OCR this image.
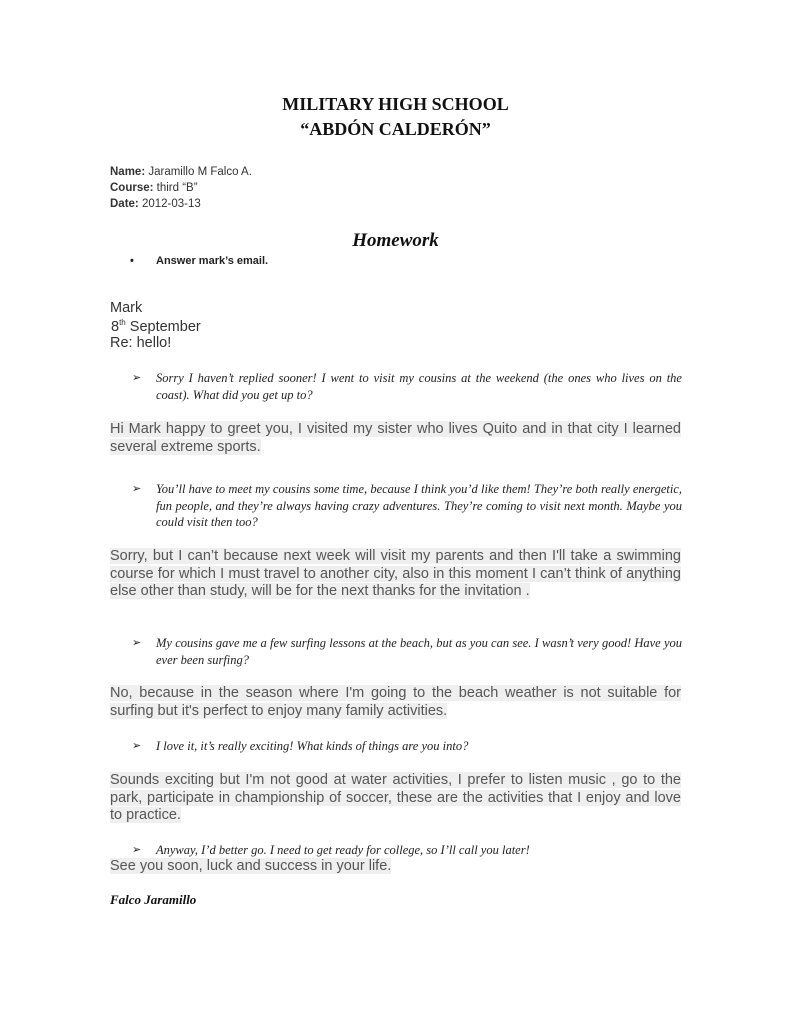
MILITARY HIGH SCHOOL
“ABDÓN CALDERÓN”
Name: Jaramillo M Falco A.
Course: third “B”
Date: 2012-03-13
Homework
• Answer mark’s email.
Mark
8th September
Re: hello!
➢	Sorry I haven’t replied sooner! I went to visit my cousins at the weekend (the ones who lives on the coast). What did you get up to?
Hi Mark happy to greet you, I visited my sister who lives Quito and in that city I learned several extreme sports.
➢	You’ll have to meet my cousins some time, because I think you’d like them! They’re both really energetic, fun people, and they’re always having crazy adventures. They’re coming to visit next month. Maybe you could visit then too?
Sorry, but I can’t because next week will visit my parents and then I'll take a swimming course for which I must travel to another city, also in this moment I can’t think of anything else other than study, will be for the next thanks for the invitation .
➢	My cousins gave me a few surfing lessons at the beach, but as you can see. I wasn’t very good! Have you ever been surfing?
No, because in the season where I'm going to the beach weather is not suitable for surfing but it's perfect to enjoy many family activities.
➢	I love it, it’s really exciting! What kinds of things are you into?
Sounds exciting but I'm not good at water activities, I prefer to listen music , go to the park, participate in championship of soccer, these are the activities that I enjoy and love to practice.
➢	Anyway, I’d better go. I need to get ready for college, so I’ll call you later!
See you soon, luck and success in your life.
Falco Jaramillo
